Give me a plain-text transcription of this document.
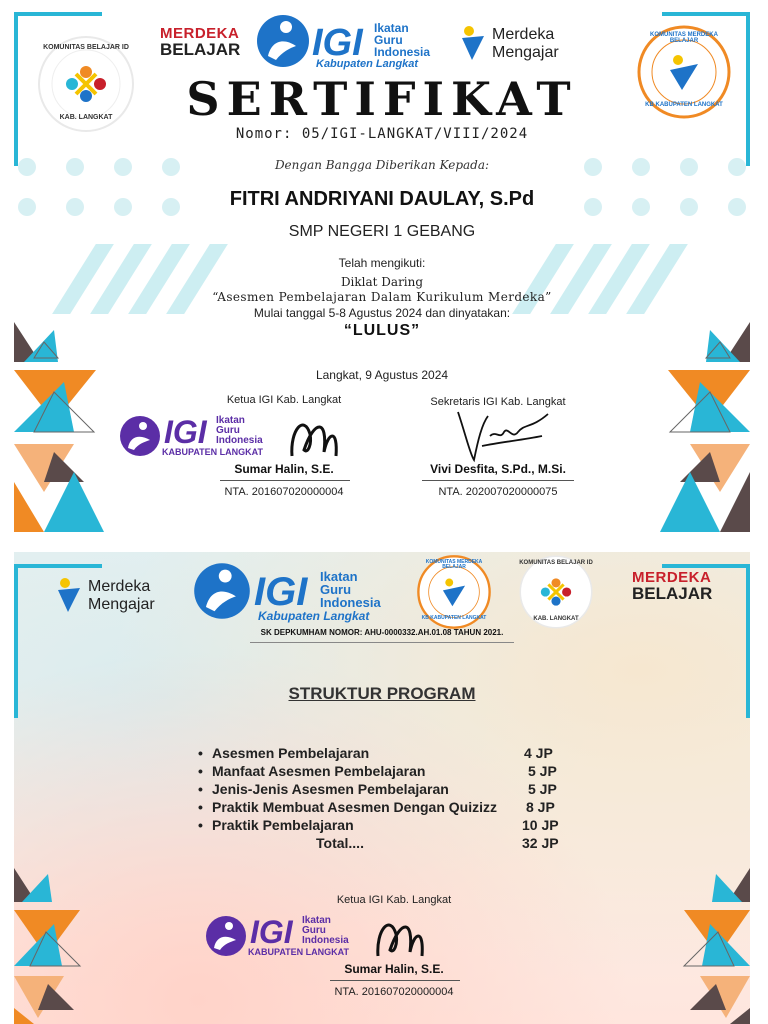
KOMUNITAS BELAJAR ID
KAB. LANGKAT
MERDEKA
BELAJAR IGI Ikatan
Guru
Indonesia
Kabupaten Langkat
Merdeka
Mengajar
KOMUNITAS MERDEKA BELAJAR
KB KABUPATEN LANGKAT
SERTIFIKAT
Nomor: 05/IGI-LANGKAT/VIII/2024
Dengan Bangga Diberikan Kepada:
FITRI ANDRIYANI DAULAY, S.Pd
SMP NEGERI 1 GEBANG
Telah mengikuti:
Diklat Daring
“Asesmen Pembelajaran Dalam Kurikulum Merdeka”
Mulai tanggal 5-8 Agustus 2024 dan dinyatakan:
“LULUS”
Langkat, 9 Agustus 2024
Ketua IGI Kab. Langkat
IGI Ikatan
Guru
Indonesia
KABUPATEN LANGKAT
Sumar Halin, S.E.
NTA. 201607020000004
Sekretaris IGI Kab. Langkat
Vivi Desfita, S.Pd., M.Si.
NTA. 202007020000075
Merdeka
Mengajar IGI Ikatan
Guru
Indonesia
Kabupaten Langkat
KOMUNITAS MERDEKA BELAJAR
KB KABUPATEN LANGKAT
KOMUNITAS BELAJAR ID
KAB. LANGKAT
MERDEKA
BELAJAR
SK DEPKUMHAM NOMOR: AHU-0000332.AH.01.08 TAHUN 2021.
STRUKTUR PROGRAM
• Asesmen Pembelajaran	4 JP
• Manfaat Asesmen Pembelajaran	5 JP
• Jenis-Jenis Asesmen Pembelajaran	5 JP
• Praktik Membuat Asesmen Dengan Quizizz 8 JP
• Praktik Pembelajaran	10 JP
Total....	32 JP
Ketua IGI Kab. Langkat
IGI Ikatan
Guru
Indonesia
KABUPATEN LANGKAT
Sumar Halin, S.E.
NTA. 201607020000004
